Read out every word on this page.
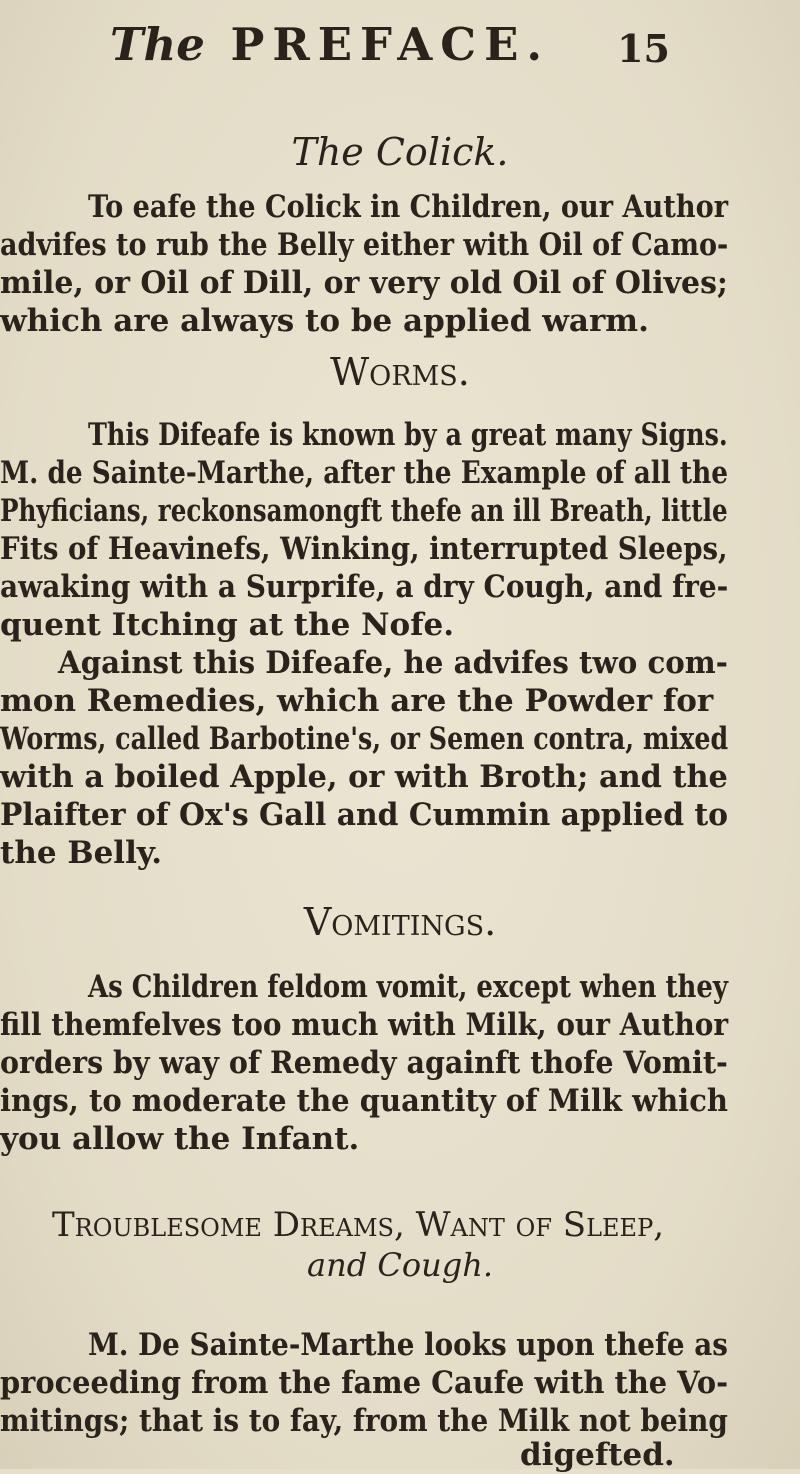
The PREFACE. 15
The Colick.
To eafe the Colick in Children, our Author
advifes to rub the Belly either with Oil of Camo-
mile, or Oil of Dill, or very old Oil of Olives;
which are always to be applied warm.
Worms.
This Difeafe is known by a great many Signs.
M. de Sainte-Marthe, after the Example of all the
Phyficians, reckonsamongft thefe an ill Breath, little
Fits of Heavinefs, Winking, interrupted Sleeps,
awaking with a Surprife, a dry Cough, and fre-
quent Itching at the Nofe.
Against this Difeafe, he advifes two com-
mon Remedies, which are the Powder for
Worms, called Barbotine's, or Semen contra, mixed
with a boiled Apple, or with Broth; and the
Plaifter of Ox's Gall and Cummin applied to
the Belly.
Vomitings.
As Children feldom vomit, except when they
fill themfelves too much with Milk, our Author
orders by way of Remedy againft thofe Vomit-
ings, to moderate the quantity of Milk which
you allow the Infant.
Troublesome Dreams, Want of Sleep,
and Cough.
M. De Sainte-Marthe looks upon thefe as
proceeding from the fame Caufe with the Vo-
mitings; that is to fay, from the Milk not being
digefted.
